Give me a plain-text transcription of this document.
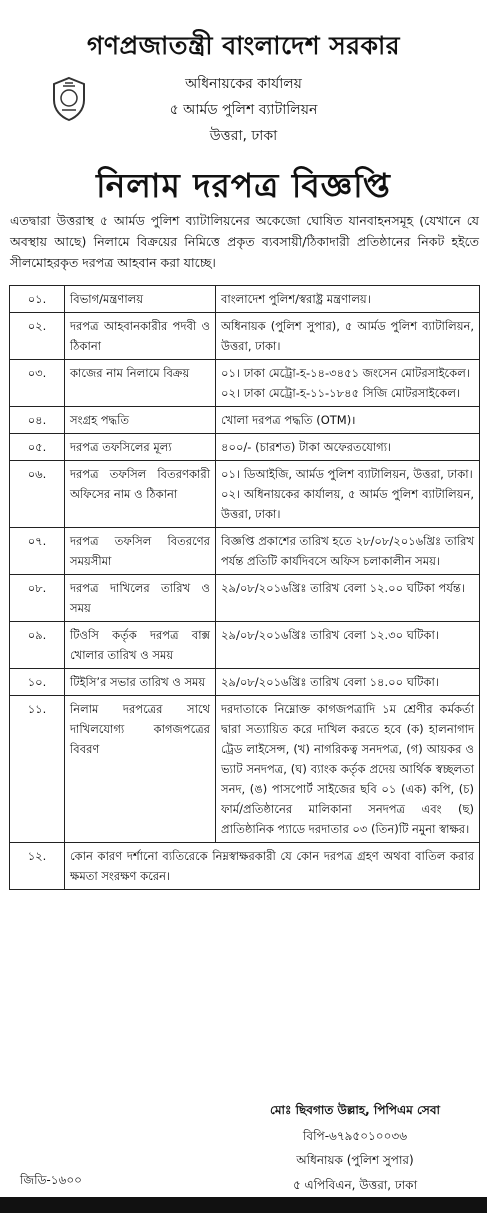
গণপ্রজাতন্ত্রী বাংলাদেশ সরকার
অধিনায়কের কার্যালয়
৫ আর্মড পুলিশ ব্যাটালিয়ন
উত্তরা, ঢাকা
নিলাম দরপত্র বিজ্ঞপ্তি
এতদ্বারা উত্তরাস্থ ৫ আর্মড পুলিশ ব্যাটালিয়নের অকেজো ঘোষিত যানবাহনসমূহ (যেখানে যে অবস্থায় আছে) নিলামে বিক্রয়ের নিমিত্তে প্রকৃত ব্যবসায়ী/ঠিকাদারী প্রতিষ্ঠানের নিকট হইতে সীলমোহরকৃত দরপত্র আহবান করা যাচ্ছে।
০১.	বিভাগ/মন্ত্রণালয়	বাংলাদেশ পুলিশ/স্বরাষ্ট্র মন্ত্রণালয়।

০২.	দরপত্র আহবানকারীর পদবী ও ঠিকানা	অধিনায়ক (পুলিশ সুপার), ৫ আর্মড পুলিশ ব্যাটালিয়ন, উত্তরা, ঢাকা।

০৩.	কাজের নাম নিলামে বিক্রয়	০১। ঢাকা মেট্রো-হ-১৪-৩৪৫১ জংসেন মোটরসাইকেল।

০২। ঢাকা মেট্রো-হ-১১-১৮৪৫ সিজি মোটরসাইকেল।

০৪.	সংগ্রহ পদ্ধতি	খোলা দরপত্র পদ্ধতি (OTM)।

০৫.	দরপত্র তফসিলের মূল্য	৪০০/- (চারশত) টাকা অফেরতযোগ্য।

০৬.	দরপত্র তফসিল বিতরণকারী অফিসের নাম ও ঠিকানা	০১। ডিআইজি, আর্মড পুলিশ ব্যাটালিয়ন, উত্তরা, ঢাকা।

০২। অধিনায়কের কার্যালয়, ৫ আর্মড পুলিশ ব্যাটালিয়ন, উত্তরা, ঢাকা।

০৭.	দরপত্র তফসিল বিতরণের সময়সীমা	বিজ্ঞপ্তি প্রকাশের তারিখ হতে ২৮/০৮/২০১৬খ্রিঃ তারিখ পর্যন্ত প্রতিটি কার্যদিবসে অফিস চলাকালীন সময়।

০৮.	দরপত্র দাখিলের তারিখ ও সময়	২৯/০৮/২০১৬খ্রিঃ তারিখ বেলা ১২.০০ ঘটিকা পর্যন্ত।

০৯.	টিওসি কর্তৃক দরপত্র বাক্স খোলার তারিখ ও সময়	২৯/০৮/২০১৬খ্রিঃ তারিখ বেলা ১২.৩০ ঘটিকা।

১০.	টিইসি’র সভার তারিখ ও সময়	২৯/০৮/২০১৬খ্রিঃ তারিখ বেলা ১৪.০০ ঘটিকা।

১১.	নিলাম দরপত্রের সাথে দাখিলযোগ্য কাগজপত্রের বিবরণ	দরদাতাকে নিম্নোক্ত কাগজপত্রাদি ১ম শ্রেণীর কর্মকর্তা দ্বারা সত্যায়িত করে দাখিল করতে হবে (ক) হালনাগাদ ট্রেড লাইসেন্স, (খ) নাগরিকত্ব সনদপত্র, (গ) আয়কর ও ভ্যাট সনদপত্র, (ঘ) ব্যাংক কর্তৃক প্রদেয় আর্থিক স্বচ্ছলতা সনদ, (ঙ) পাসপোর্ট সাইজের ছবি ০১ (এক) কপি, (চ) ফার্ম/প্রতিষ্ঠানের মালিকানা সনদপত্র এবং (ছ) প্রাতিষ্ঠানিক প্যাডে দরদাতার ০৩ (তিন)টি নমুনা স্বাক্ষর।

১২.	কোন কারণ দর্শানো ব্যতিরেকে নিম্নস্বাক্ষরকারী যে কোন দরপত্র গ্রহণ অথবা বাতিল করার ক্ষমতা সংরক্ষণ করেন।	
মোঃ ছিবগাত উল্লাহ, পিপিএম সেবা
বিপি-৬৭৯৫০১০০৩৬
অধিনায়ক (পুলিশ সুপার)
৫ এপিবিএন, উত্তরা, ঢাকা
জিডি-১৬০০
